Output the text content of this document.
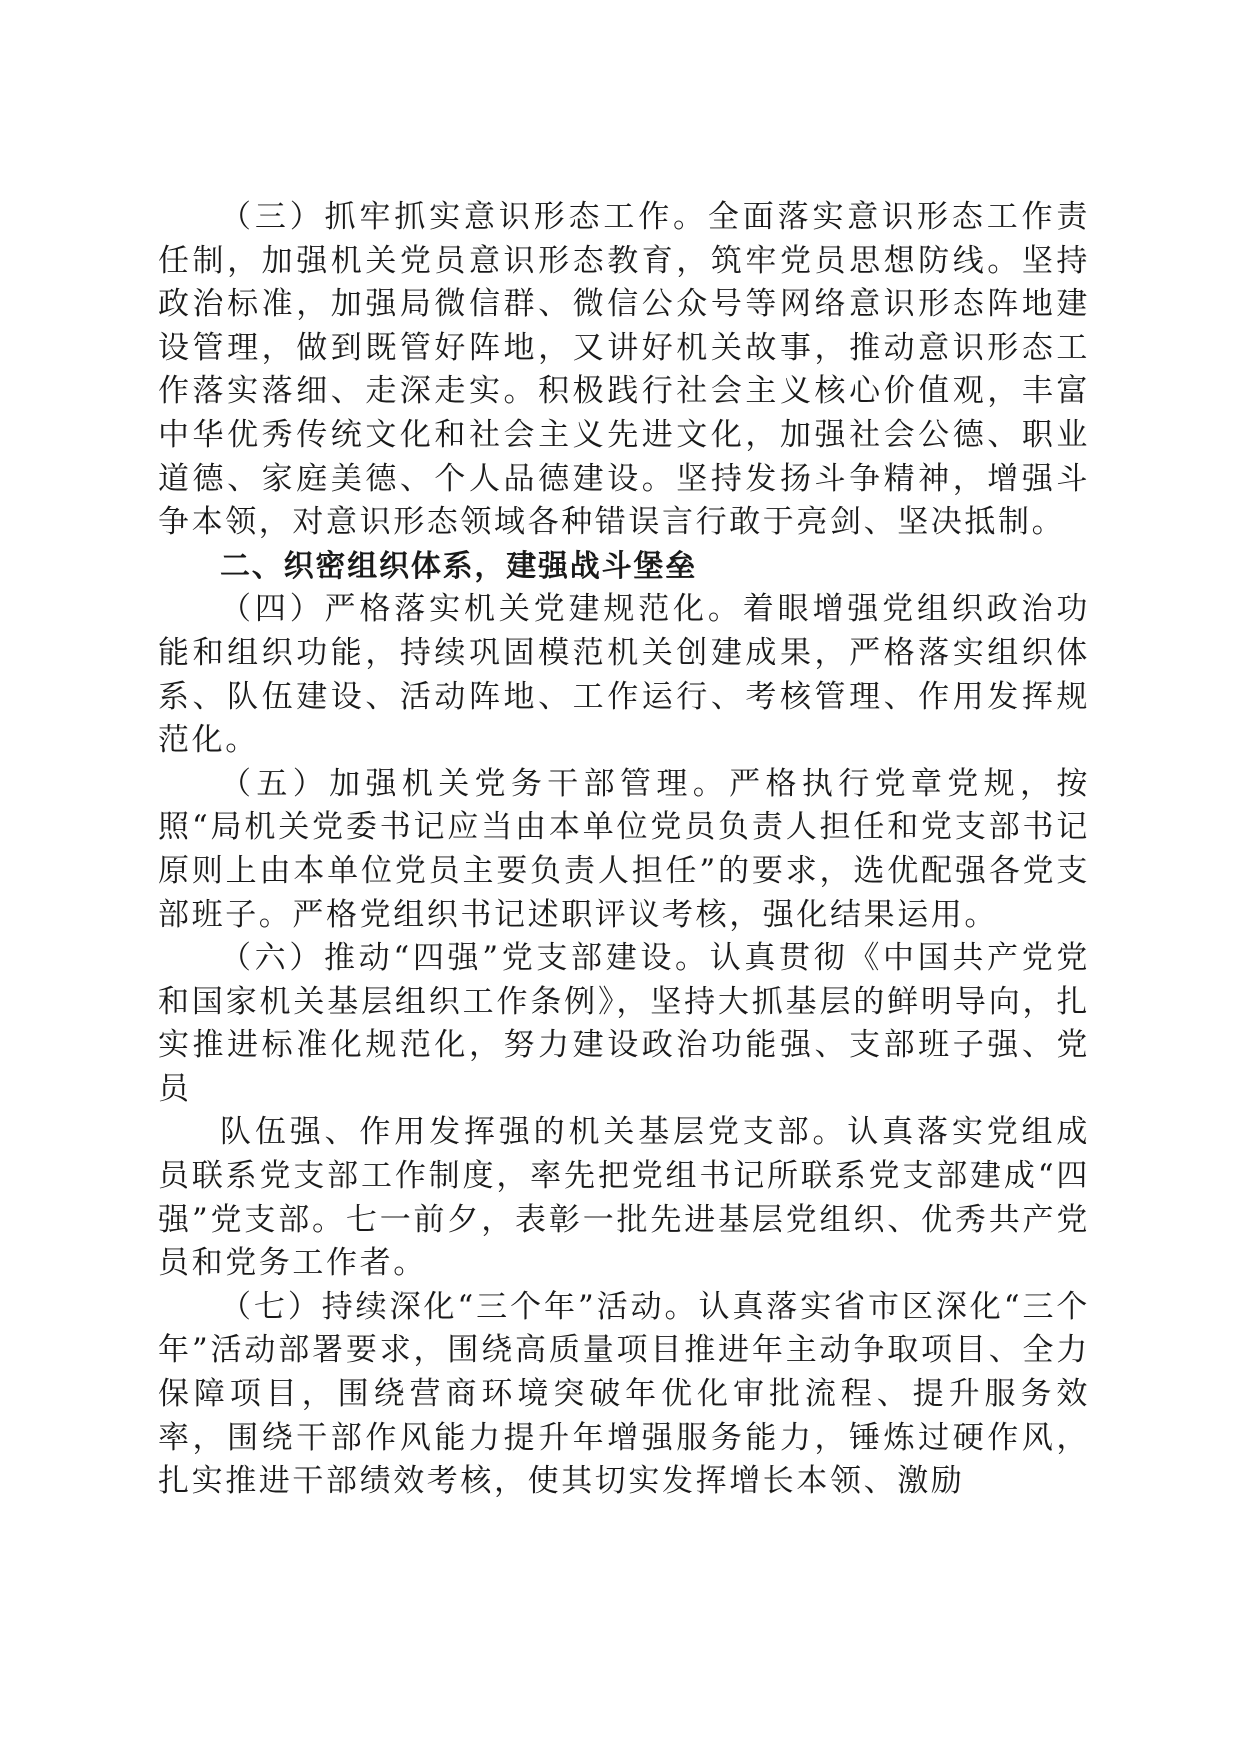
（三）抓牢抓实意识形态工作。全面落实意识形态工作责任制，加强机关党员意识形态教育，筑牢党员思想防线。坚持政治标准，加强局微信群、微信公众号等网络意识形态阵地建设管理，做到既管好阵地，又讲好机关故事，推动意识形态工作落实落细、走深走实。积极践行社会主义核心价值观，丰富中华优秀传统文化和社会主义先进文化，加强社会公德、职业道德、家庭美德、个人品德建设。坚持发扬斗争精神，增强斗争本领，对意识形态领域各种错误言行敢于亮剑、坚决抵制。

二、织密组织体系，建强战斗堡垒

（四）严格落实机关党建规范化。着眼增强党组织政治功能和组织功能，持续巩固模范机关创建成果，严格落实组织体系、队伍建设、活动阵地、工作运行、考核管理、作用发挥规范化。

（五）加强机关党务干部管理。严格执行党章党规，按照“局机关党委书记应当由本单位党员负责人担任和党支部书记原则上由本单位党员主要负责人担任”的要求，选优配强各党支部班子。严格党组织书记述职评议考核，强化结果运用。

（六）推动“四强”党支部建设。认真贯彻《中国共产党党和国家机关基层组织工作条例》，坚持大抓基层的鲜明导向，扎实推进标准化规范化，努力建设政治功能强、支部班子强、党员

队伍强、作用发挥强的机关基层党支部。认真落实党组成员联系党支部工作制度，率先把党组书记所联系党支部建成“四强”党支部。七一前夕，表彰一批先进基层党组织、优秀共产党员和党务工作者。

（七）持续深化“三个年”活动。认真落实省市区深化“三个年”活动部署要求，围绕高质量项目推进年主动争取项目、全力保障项目，围绕营商环境突破年优化审批流程、提升服务效率，围绕干部作风能力提升年增强服务能力，锤炼过硬作风，扎实推进干部绩效考核，使其切实发挥增长本领、激励
